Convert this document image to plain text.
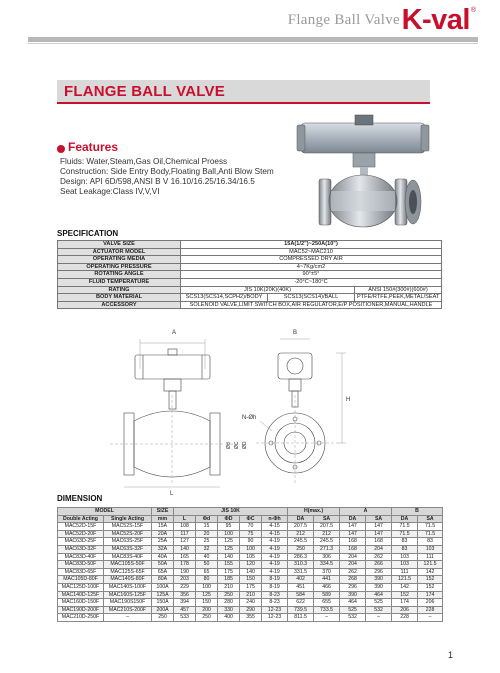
Flange Ball Valve K-val ®
FLANGE BALL VALVE
Features
Fluids: Water,Steam,Gas Oil,Chemical Proess
Construction: Side Entry Body,Floating Ball,Anti Blow Stem
Design: API 6D/598,ANSI B V 16.10/16.25/16.34/16.5
Seat Leakage:Class IV,V,VI
SPECIFICATION
VALVE SIZE	15A(1/2")~250A(10")		
ACTUATOR MODEL	MAC52~MAC210		
OPERATING MEDIA	COMPRESSED DRY AIR		
OPERATING PRESSURE	4~7Kg/cm2		
ROTATING ANGLE	90°±5°		
FLUID TEMPERATURE	-20°C~180°C		
RATING	JIS 10K(20K)(40K)		ANSI 150#(300#)(600#)
BODY MATERIAL	SCS13(SCS14,SCPH2)/BODY	SCS13(SCS14)/BALL	PTFE/RTFE,PEEK,METAL/SEAT
ACCESSORY	SOLENOID VALVE,LIMIT SWITCH BOX,AIR REGULATOR,E/P POSITIONER,MANUAL,HANDLE		
A
L
Ød ØC ØD
B
N-Øh
H
DIMENSION
MODEL		SIZE	JIS 10K					H(max.)		A		B	
Double Acting	Single Acting	mm	L	Φd	ΦD	ΦC	n-Φh	DA	SA	DA	SA	DA	SA
MAC52D-15F	MAC52S-15F	15A	108	15	95	70	4-15	207.5	207.5	147	147	71.5	71.5
MAC52D-20F	MAC52S-20F	20A	117	20	100	75	4-15	212	212	147	147	71.5	71.5
MAC63D-25F	MAC63S-25F	25A	127	25	125	90	4-19	245.5	245.5	168	168	83	83
MAC63D-32F	MAC63S-32F	32A	140	32	125	100	4-19	250	271.3	168	204	83	103
MAC83D-40F	MAC83S-40F	40A	165	40	140	105	4-19	286.3	306	204	262	103	111
MAC83D-50F	MAC105S-50F	50A	178	50	155	120	4-19	310.3	334.5	204	266	103	121.5
MAC83D-65F	MAC125S-65F	65A	190	65	175	140	4-19	331.5	370	262	296	111	142
MAC105D-80F	MAC140S-80F	80A	203	80	185	150	8-19	402	441	268	390	121.5	152
MAC125D-100F	MAC140S-100F	100A	229	100	210	175	8-19	451	466	296	390	142	152
MAC140D-125F	MAC160S-125F	125A	356	125	250	210	8-23	584	589	390	464	152	174
MAC160D-150F	MAC190S150F	150A	394	150	280	240	8-23	622	655	464	525	174	206
MAC190D-200F	MAC210S-200F	200A	457	200	330	290	12-23	739.5	733.5	525	532	206	228
MAC210D-250F	–	250	533	250	400	355	12-23	811.5	–	532	–	228	–
1
